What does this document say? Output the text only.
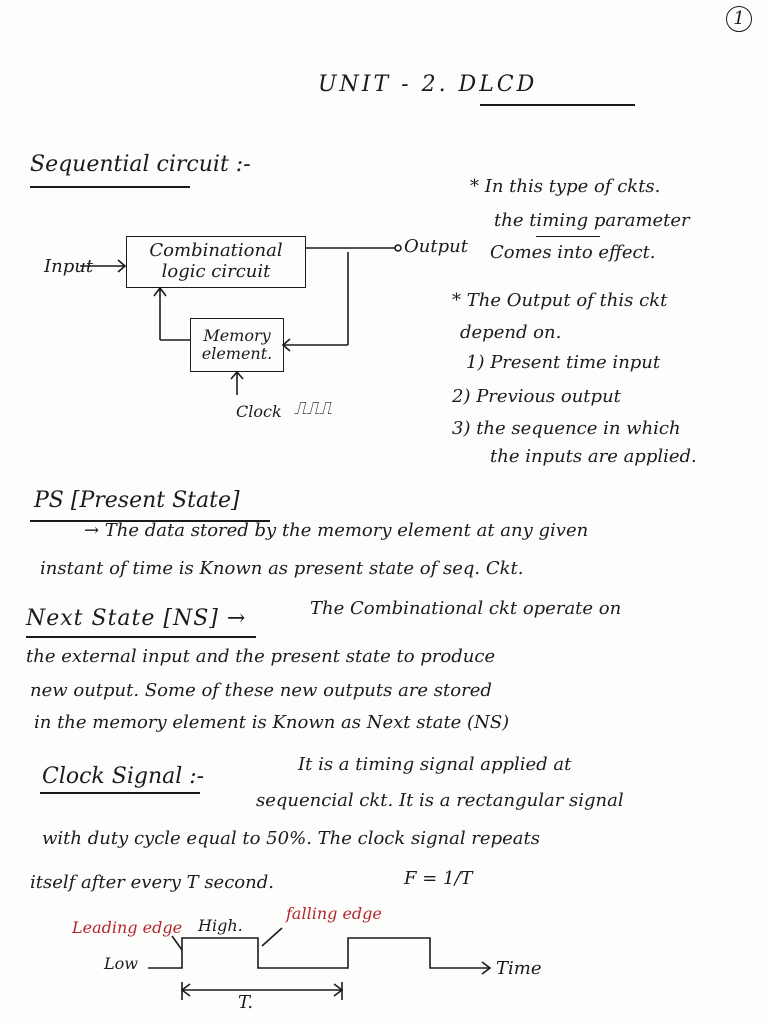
1
UNIT - 2. DLCD
Sequential circuit :-
Input
Combinational logic circuit
Output
Memory element.
Clock ⎍⎍⎍
* In this type of ckts.
the timing parameter
Comes into effect.
* The Output of this ckt
depend on.
1) Present time input
2) Previous output
3) the sequence in which
the inputs are applied.
PS [Present State]
→ The data stored by the memory element at any given
instant of time is Known as present state of seq. Ckt.
Next State [NS] →	The Combinational ckt operate on
the external input and the present state to produce
new output. Some of these new outputs are stored
in the memory element is Known as Next state (NS)
Clock Signal :-	It is a timing signal applied at
sequencial ckt. It is a rectangular signal
with duty cycle equal to 50%. The clock signal repeats
itself after every T second.	F = 1/T
Leading edge High.
falling edge
Low	Time
T.
